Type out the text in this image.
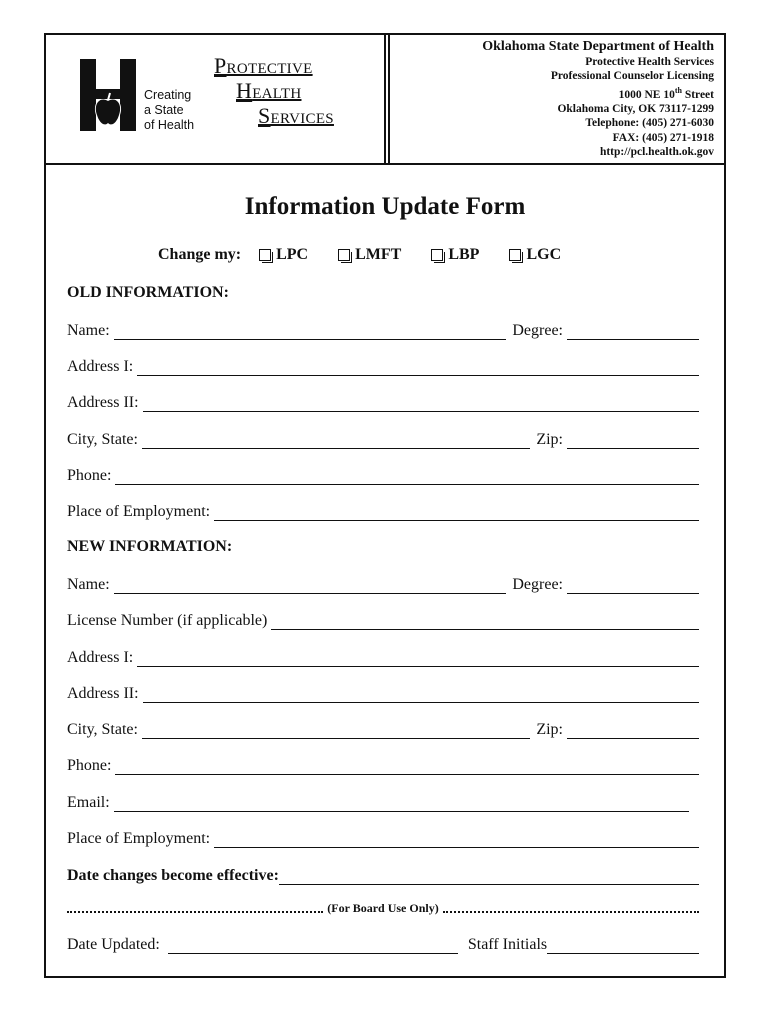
Creating
a State
of Health
PROTECTIVE
HEALTH
SERVICES
Oklahoma State Department of Health
Protective Health Services
Professional Counselor Licensing
1000 NE 10th Street
Oklahoma City, OK 73117-1299
Telephone: (405) 271-6030
FAX: (405) 271-1918
http://pcl.health.ok.gov
Information Update Form
Change my: LPC	LMFT	LBP	LGC
OLD INFORMATION:
Name:	Degree:
Address I:
Address II:
City, State:	Zip:
Phone:
Place of Employment:
NEW INFORMATION:
Name:	Degree:
License Number (if applicable)
Address I:
Address II:
City, State:	Zip:
Phone:
Email:
Place of Employment:
Date changes become effective:
(For Board Use Only)
Date Updated:	Staff Initials
